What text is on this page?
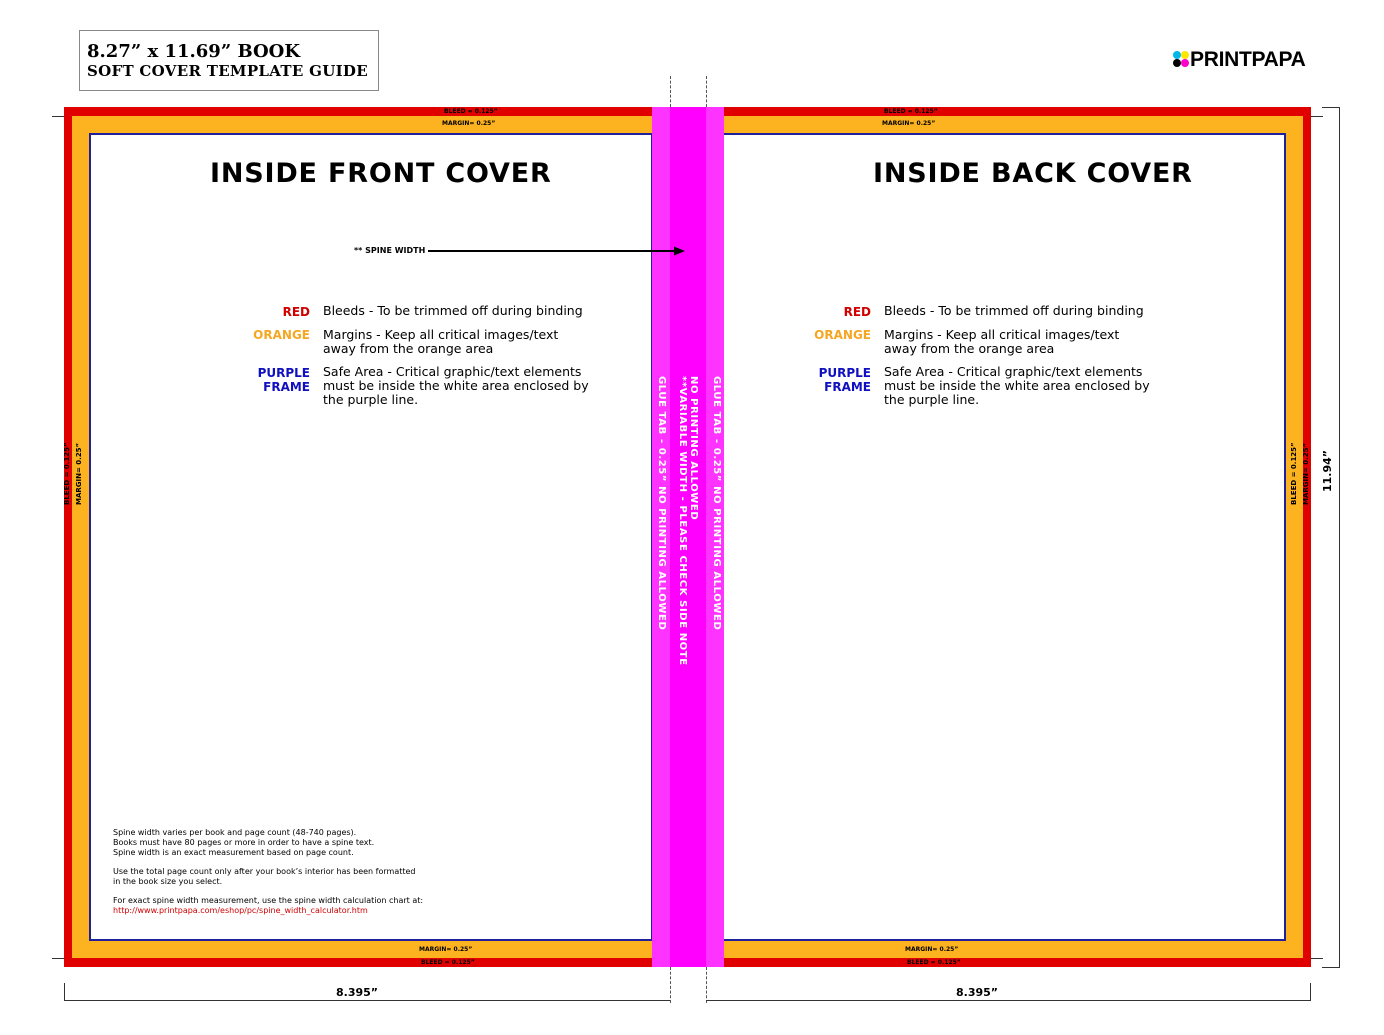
8.27” x 11.69” BOOK
SOFT COVER TEMPLATE GUIDE	PRINTPAPA
BLEED = 0.125”
MARGIN= 0.25”
BLEED = 0.125”
MARGIN= 0.25”
MARGIN= 0.25”
BLEED = 0.125”
MARGIN= 0.25”
BLEED = 0.125”
BLEED = 0.125” MARGIN= 0.25”	BLEED = 0.125” MARGIN= 0.25”
INSIDE FRONT COVER
** SPINE WIDTH
RED Bleeds - To be trimmed off during binding
ORANGE Margins - Keep all critical images/text away from the orange area
PURPLE FRAME
Safe Area - Critical graphic/text elements must be inside the white area enclosed by the purple line.
Spine width varies per book and page count (48-740 pages).
Books must have 80 pages or more in order to have a spine text.
Spine width is an exact measurement based on page count.
Use the total page count only after your book’s interior has been formatted
in the book size you select.
For exact spine width measurement, use the spine width calculation chart at:
http://www.printpapa.com/eshop/pc/spine_width_calculator.htm
INSIDE BACK COVER
RED Bleeds - To be trimmed off during binding
ORANGE Margins - Keep all critical images/text away from the orange area
PURPLE FRAME
Safe Area - Critical graphic/text elements must be inside the white area enclosed by the purple line.
GLUE TAB - 0.25” NO PRINTING ALLOWED NO PRINTING ALLOWED
**VARIABLE WIDTH - PLEASE CHECK SIDE NOTE GLUE TAB - 0.25” NO PRINTING ALLOWED
8.395”	8.395”
11.94”
